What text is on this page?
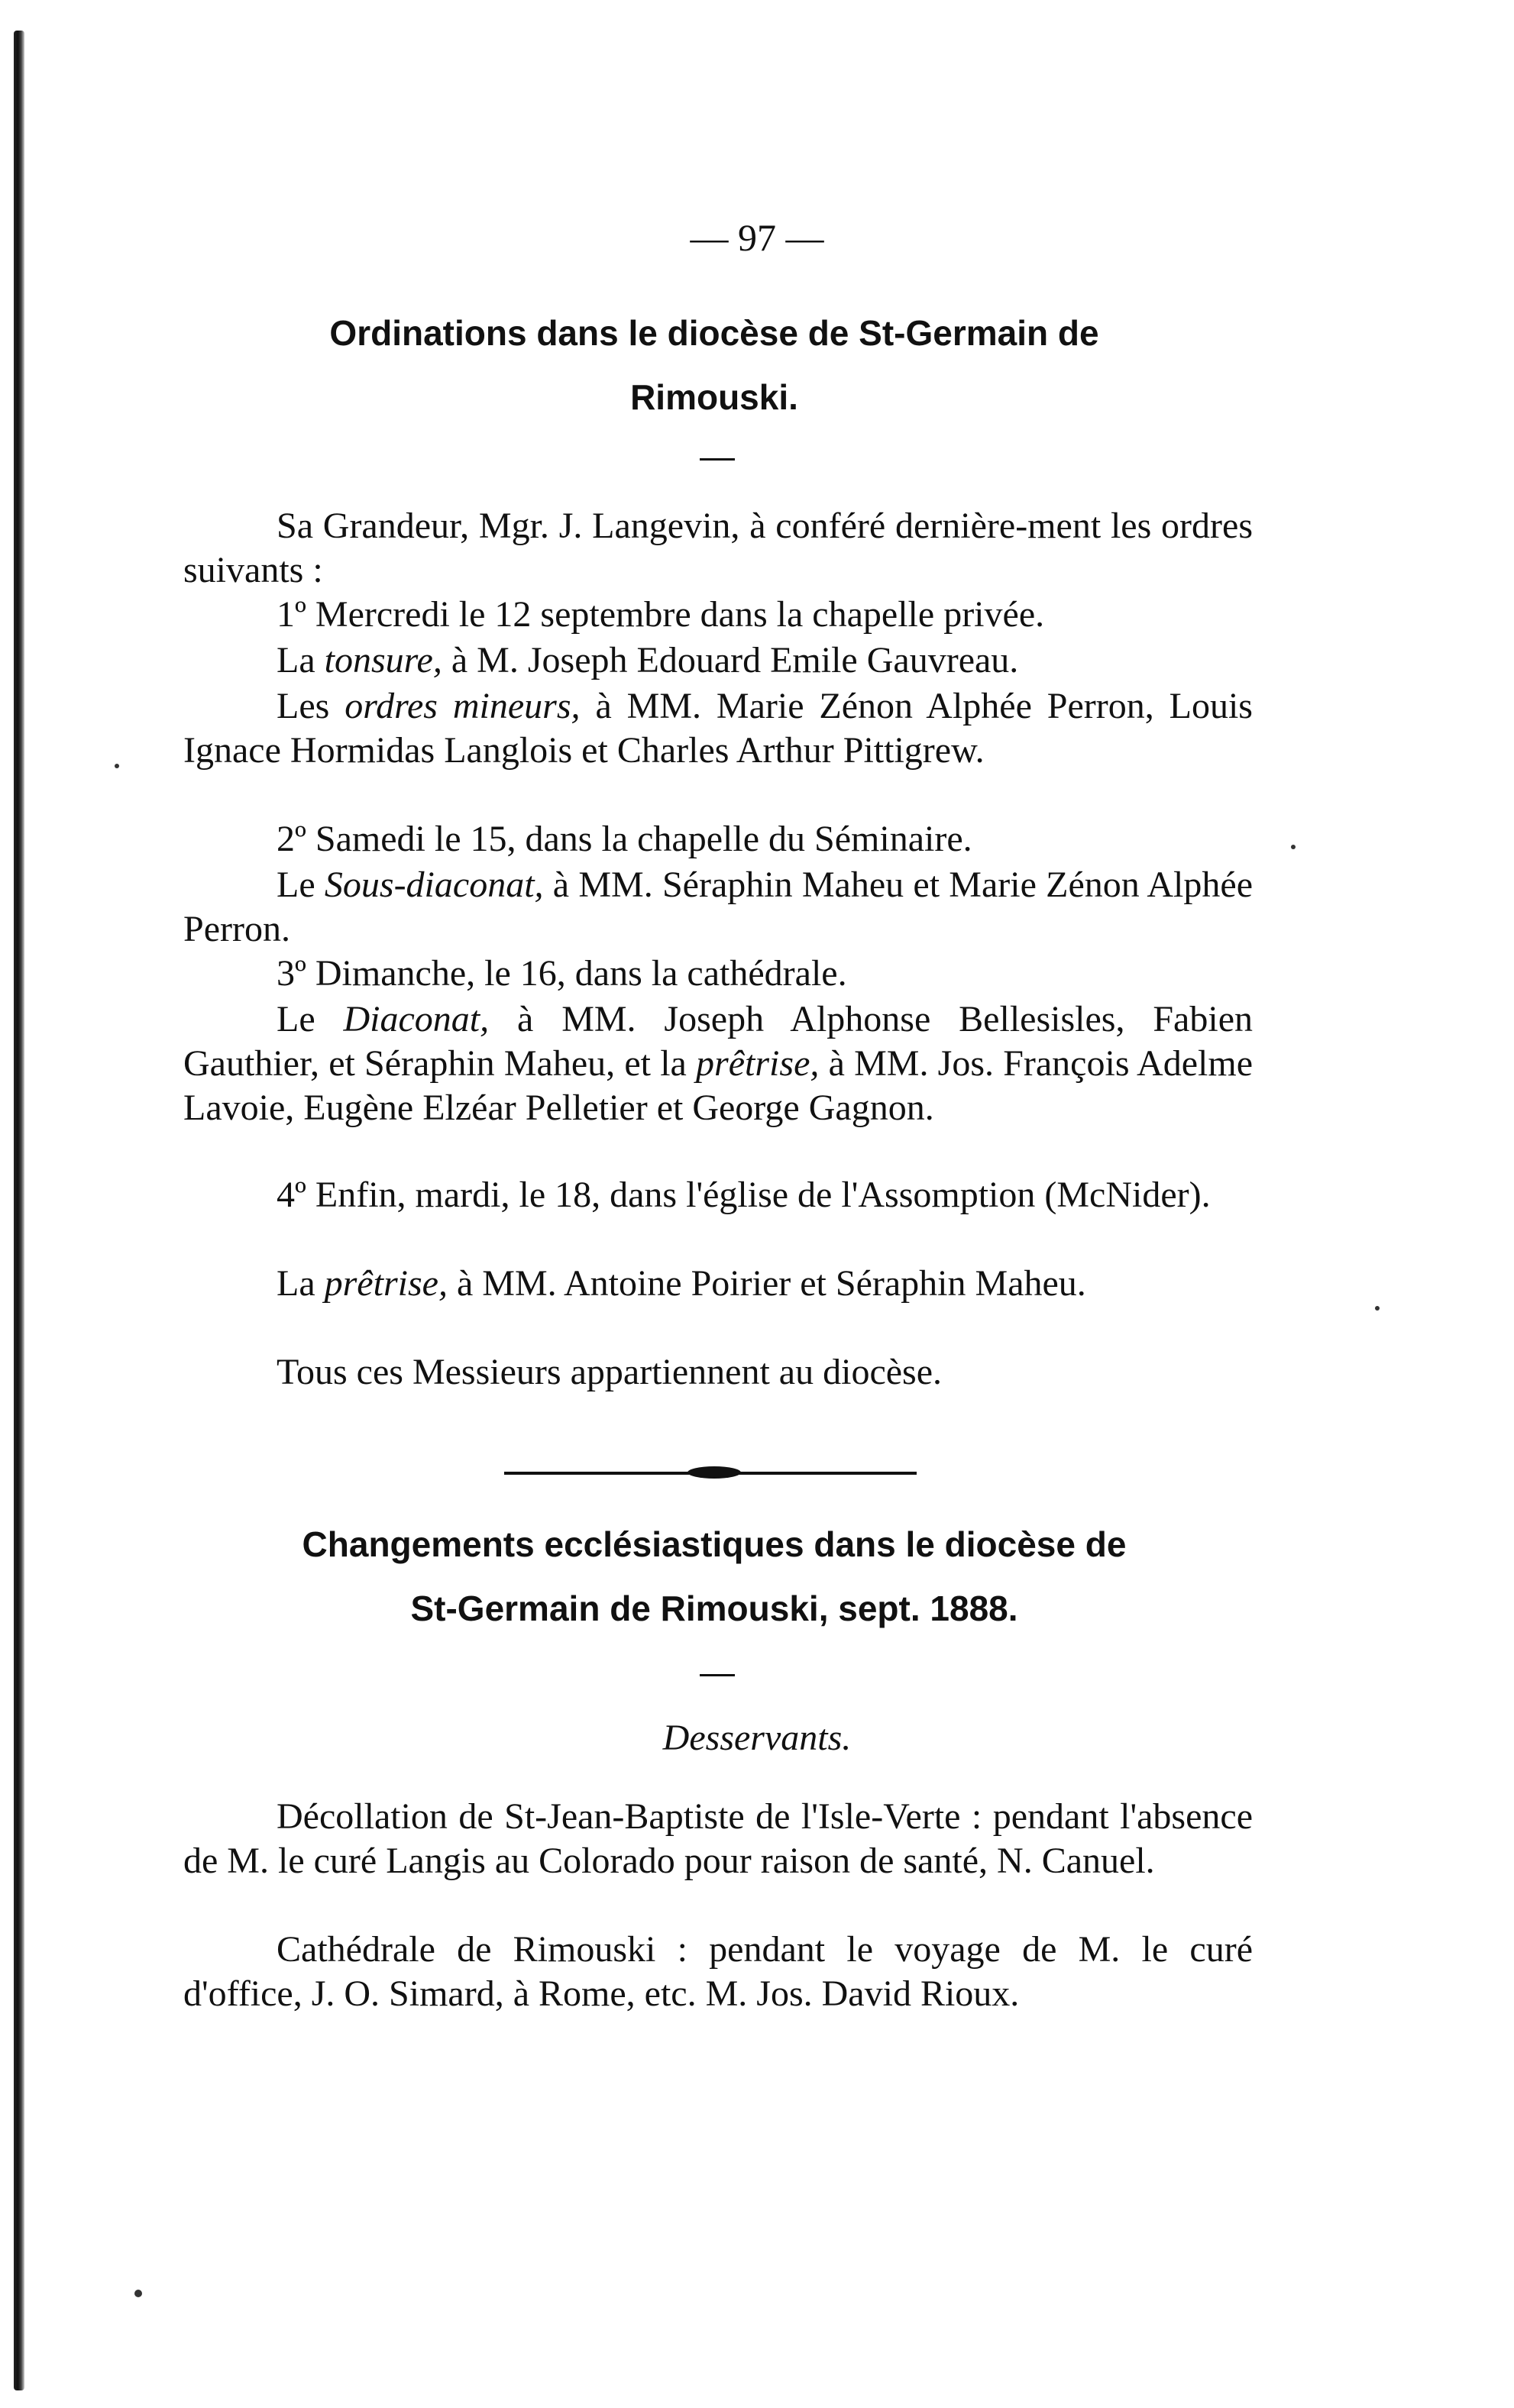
— 97 —
Ordinations dans le diocèse de St-Germain de
Rimouski.

Sa Grandeur, Mgr. J. Langevin, à conféré dernière-ment les ordres suivants :

1º Mercredi le 12 septembre dans la chapelle privée.

La tonsure, à M. Joseph Edouard Emile Gauvreau.

Les ordres mineurs, à MM. Marie Zénon Alphée Perron, Louis Ignace Hormidas Langlois et Charles Arthur Pittigrew.

2º Samedi le 15, dans la chapelle du Séminaire.

Le Sous-diaconat, à MM. Séraphin Maheu et Marie Zénon Alphée Perron.

3º Dimanche, le 16, dans la cathédrale.

Le Diaconat, à MM. Joseph Alphonse Bellesisles, Fabien Gauthier, et Séraphin Maheu, et la prêtrise, à MM. Jos. François Adelme Lavoie, Eugène Elzéar Pelletier et George Gagnon.

4º Enfin, mardi, le 18, dans l'église de l'Assomption (McNider).

La prêtrise, à MM. Antoine Poirier et Séraphin Maheu.

Tous ces Messieurs appartiennent au diocèse.

Changements ecclésiastiques dans le diocèse de
St-Germain de Rimouski, sept. 1888.
Desservants.

Décollation de St-Jean-Baptiste de l'Isle-Verte : pendant l'absence de M. le curé Langis au Colorado pour raison de santé, N. Canuel.

Cathédrale de Rimouski : pendant le voyage de M. le curé d'office, J. O. Simard, à Rome, etc. M. Jos. David Rioux.
